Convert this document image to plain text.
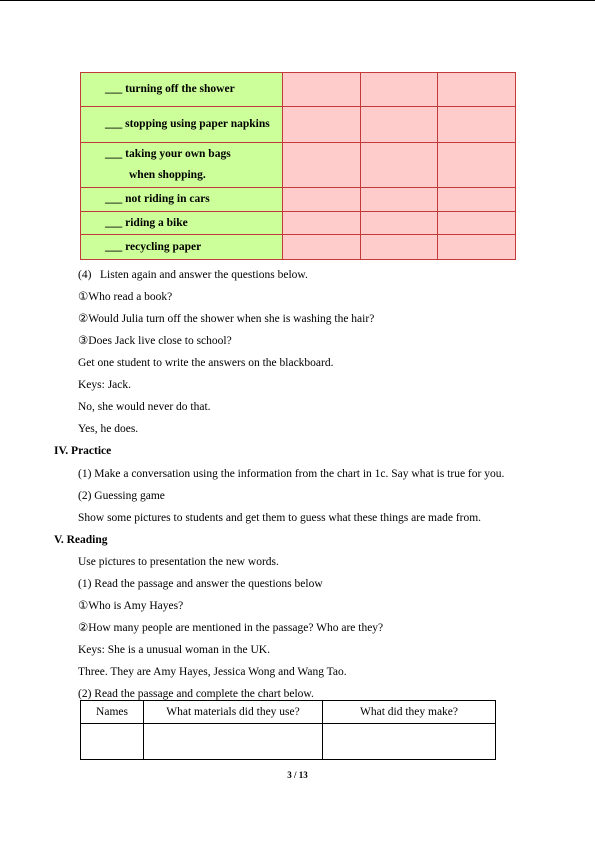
___ turning off the shower			

___ stopping using paper napkins			

___ taking your own bags
when shopping.			

___ not riding in cars			

___ riding a bike			

___ recycling paper			

(4)   Listen again and answer the questions below.
①Who read a book?
②Would Julia turn off the shower when she is washing the hair?
③Does Jack live close to school?
Get one student to write the answers on the blackboard.
Keys: Jack.
No, she would never do that.
Yes, he does.
IV. Practice
(1) Make a conversation using the information from the chart in 1c. Say what is true for you.
(2) Guessing game
Show some pictures to students and get them to guess what these things are made from.
V. Reading
Use pictures to presentation the new words.
(1) Read the passage and answer the questions below
①Who is Amy Hayes?
②How many people are mentioned in the passage? Who are they?
Keys: She is a unusual woman in the UK.
Three. They are Amy Hayes, Jessica Wong and Wang Tao.
(2) Read the passage and complete the chart below.
Names	What materials did they use?	What did they make?

3 / 13
